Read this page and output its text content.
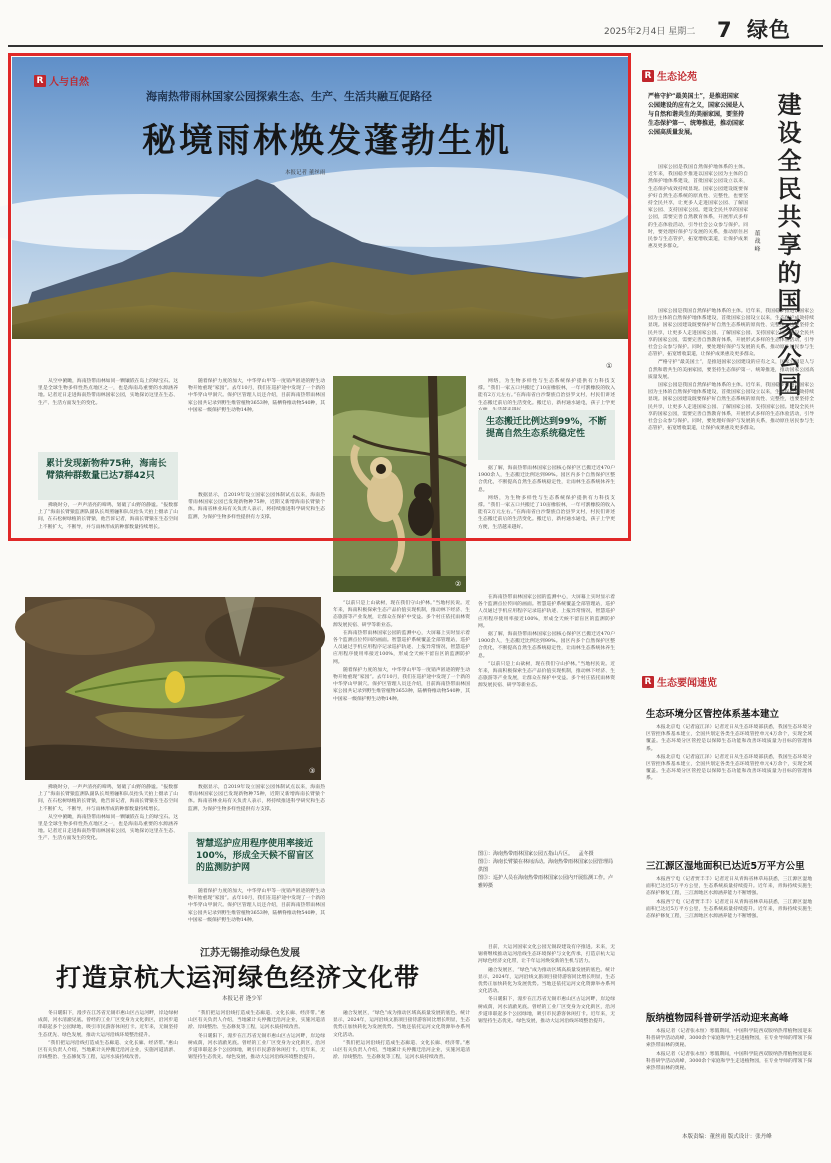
2025年2月4日 星期二 7 绿色
R 人与自然
海南热带雨林国家公园探索生态、生产、生活共融互促路径
秘境雨林焕发蓬勃生机
本报记者 董丝雨
①

从空中俯瞰，海南热带雨林如同一颗镶嵌在岛上的绿宝石。这里是全球生物多样性热点地区之一，也是海南岛重要的水源涵养地。记者近日走进海南热带雨林国家公园，实地探访这里在生态、生产、生活方面发生的变化。

累计发现新物种75种，海南长臂猿种群数量已达7群42只

拂晓时分，一声声清亮的啼鸣，划破了山野的静谧。“报数群上了”海南长臂猿监测队副队长周照骊和队员抬头天拍上摄录了山间，在石松树绿植的长臂猿，他告诉记者，海南长臂猿在生态空间上不断扩大，不断导，并与雨林形成的种群数量持续增长。

随着保护力度的加大，中华穿山甲等一度销声匿迹的野生动物开始重现“家园”。去年10月，我们在巡护途中发现了一个新的中华穿山甲洞穴。保护区管理人员还介绍，目前海南热带雨林国家公园共记录到野生维管植物3653种，陆栖脊椎动物540种，其中国家一级保护野生动物14种。

数据显示，自2019年设立国家公园体制试点以来，海南热带雨林国家公园已发现新物种75种，近期又新增海南长臂猿个体。海南省林业局有关负责人表示，将持续推进科学研究和生态监测，为保护生物多样性提供有力支撑。

②

网络，为生物多样性与生态系统保护提供有力科技支撑。“我们一家五口共搬迁了10亩橡胶林，一年可割橡胶的收入能有2万元左右。”在海南省白沙黎族自治县罗文村，村民们讲述生态搬迁前后的生活变化。搬迁后，新村通水通电，孩子上学更

生态搬迁比例达到99%，不断提高自然生态系统稳定性

据了解，海南热带雨林国家公园核心保护区已搬迁近470户1900余人，生态搬迁比例达到99%。园区内多个自然保护区整合优化，不断提高自然生态系统稳定性，让雨林生态系统休养生息。

网络，为生物多样性与生态系统保护提供有力科技支撑。“我们一家五口共搬迁了10亩橡胶林，一年可割橡胶的收入能有2万元左右。”在海南省白沙黎族自治县罗文村，村民们讲述生态搬迁前后的生活变化。搬迁后，新村通水通电，孩子上学更方便，生活越来越好。

③

拂晓时分，一声声清亮的啼鸣，划破了山野的静谧。“报数群上了”海南长臂猿监测队副队长周照骊和队员抬头天拍上摄录了山间，在石松树绿植的长臂猿，他告诉记者，海南长臂猿在生态空间上不断扩大，不断导，并与雨林形成的种群数量持续增长。

从空中俯瞰，海南热带雨林如同一颗镶嵌在岛上的绿宝石。这里是全球生物多样性热点地区之一，也是海南岛重要的水源涵养地。记者近日走进海南热带雨林国家公园，实地探访这里在生态、生产、生活方面发生的变化。

数据显示，自2019年设立国家公园体制试点以来，海南热带雨林国家公园已发现新物种75种，近期又新增海南长臂猿个体。海南省林业局有关负责人表示，将持续推进科学研究和生态监测，为保护生物多样性提供有力支撑。

智慧巡护应用程序使用率接近100%，形成全天候不留盲区的监测防护网

随着保护力度的加大，中华穿山甲等一度销声匿迹的野生动物开始重现“家园”。去年10月，我们在巡护途中发现了一个新的中华穿山甲洞穴。保护区管理人员还介绍，目前海南热带雨林国家公园共记录到野生维管植物3653种，陆栖脊椎动物540种，其中国家一级保护野生动物14种。

“以前只是上山砍树，现在我们守山护林。”当地村民说。近年来，海南积极探索生态产品价值实现机制，推动林下经济、生态旅游等产业发展，让群众在保护中受益。多个村庄依托雨林资源发展民宿、研学等新业态。

在海南热带雨林国家公园的监测中心，大屏幕上实时显示着各个监测点位传回的画面。智慧巡护系统覆盖全部管理站，巡护人员通过手机应用程序记录巡护轨迹、上报异常情况，智慧巡护应用程序使用率接近100%，形成全天候不留盲区的监测防护网。

随着保护力度的加大，中华穿山甲等一度销声匿迹的野生动物开始重现“家园”。去年10月，我们在巡护途中发现了一个新的中华穿山甲洞穴。保护区管理人员还介绍，目前海南热带雨林国家公园共记录到野生维管植物3653种，陆栖脊椎动物540种，其中国家一级保护野生动物14种。

在海南热带雨林国家公园的监测中心，大屏幕上实时显示着各个监测点位传回的画面。智慧巡护系统覆盖全部管理站，巡护人员通过手机应用程序记录巡护轨迹、上报异常情况，智慧巡护应用程序使用率接近100%，形成全天候不留盲区的监测防护网。

据了解，海南热带雨林国家公园核心保护区已搬迁近470户1900余人，生态搬迁比例达到99%。园区内多个自然保护区整合优化，不断提高自然生态系统稳定性，让雨林生态系统休养生息。

“以前只是上山砍树，现在我们守山护林。”当地村民说。近年来，海南积极探索生态产品价值实现机制，推动林下经济、生态旅游等产业发展，让群众在保护中受益。多个村庄依托雨林资源发展民宿、研学等新业态。

图①：海南热带雨林国家公园五指山片区。 孟冬摄
图②：海南长臂猿在林间活动。海南热带雨林国家公园管理局供图
图③：巡护人员在海南热带雨林国家公园内开展监测工作。卢雅婷摄
R 生态论苑
严格守护“最美国土”，是推进国家公园建设的应有之义，国家公园是人与自然和谐共生的美丽家园，要坚持生态保护第一、统筹推进，推动国家公园高质量发展。	建设全民共享的国家公园
董 战 峰

国家公园是我国自然保护地体系的主体。近年来，我国稳步推进以国家公园为主体的自然保护地体系建设，首批国家公园设立以来，生态保护成效持续显现。国家公园建设既要保护好自然生态系统的原真性、完整性，也要坚持全民共享，让更多人走进国家公园、了解国家公园、支持国家公园。建设全民共享的国家公园，需要完善自然教育体系，开展形式多样的生态体验活动，引导社会公众参与保护。同时，要处理好保护与发展的关系，推动原住居民参与生态管护，拓宽增收渠道，让保护成果惠及更多群众。

国家公园是我国自然保护地体系的主体。近年来，我国稳步推进以国家公园为主体的自然保护地体系建设，首批国家公园设立以来，生态保护成效持续显现。国家公园建设既要保护好自然生态系统的原真性、完整性，也要坚持全民共享，让更多人走进国家公园、了解国家公园、支持国家公园。建设全民共享的国家公园，需要完善自然教育体系，开展形式多样的生态体验活动，引导社会公众参与保护。同时，要处理好保护与发展的关系，推动原住居民参与生态管护，拓宽增收渠道，让保护成果惠及更多群众。

严格守护“最美国土”，是推进国家公园建设的应有之义，国家公园是人与自然和谐共生的美丽家园，要坚持生态保护第一、统筹推进，推动国家公园高质量发展。

国家公园是我国自然保护地体系的主体。近年来，我国稳步推进以国家公园为主体的自然保护地体系建设，首批国家公园设立以来，生态保护成效持续显现。国家公园建设既要保护好自然生态系统的原真性、完整性，也要坚持全民共享，让更多人走进国家公园、了解国家公园、支持国家公园。建设全民共享的国家公园，需要完善自然教育体系，开展形式多样的生态体验活动，引导社会公众参与保护。同时，要处理好保护与发展的关系，推动原住居民参与生态管护，拓宽增收渠道，让保护成果惠及更多群众。

R 生态要闻速览
生态环境分区管控体系基本建立

本报北京电（记者寇江泽）记者近日从生态环境部获悉，我国生态环境分区管控体系基本建立，全国共划定各类生态环境管控单元4万余个，实现全域覆盖。生态环境分区管控是以保障生态功能和改善环境质量为目标的管理体系。

本报北京电（记者寇江泽）记者近日从生态环境部获悉，我国生态环境分区管控体系基本建立，全国共划定各类生态环境管控单元4万余个，实现全域覆盖。生态环境分区管控是以保障生态功能和改善环境质量为目标的管理体系。

三江源区湿地面积已达近5万平方公里

本报西宁电（记者贾丰丰）记者近日从青海省林草局获悉，三江源区湿地面积已达近5万平方公里，生态系统质量持续提升。近年来，青海持续实施生态保护修复工程，三江源地区水源涵养能力不断增强。

本报西宁电（记者贾丰丰）记者近日从青海省林草局获悉，三江源区湿地面积已达近5万平方公里，生态系统质量持续提升。近年来，青海持续实施生态保护修复工程，三江源地区水源涵养能力不断增强。

版纳植物园科普研学活动迎来高峰

本报记者（记者张永恒）寒假期间，中国科学院西双版纳热带植物园迎来科普研学活动高峰，3000余个家庭和学生走进植物园，在专业导师的带领下探索热带雨林的奥秘。

本报记者（记者张永恒）寒假期间，中国科学院西双版纳热带植物园迎来科普研学活动高峰，3000余个家庭和学生走进植物园，在专业导师的带领下探索热带雨林的奥秘。

本版责编：董丝雨 版式设计：张丹峰
江苏无锡推动绿色发展
打造京杭大运河绿色经济文化带
本报记者 逄少军

冬日暖阳下，漫步在江苏省无锡市惠山区古运河畔，岸边绿树成荫，河水清澈见底。曾经的工业厂区变身为文化街区，沿河步道串联起多个公园绿地，吸引市民游客休闲打卡。近年来，无锡坚持生态优先、绿色发展，推动大运河沿线环境整治提升。

“我们把运河沿线打造成生态廊道、文化长廊、经济带。”惠山区有关负责人介绍，当地累计关停搬迁沿河企业，实施河道清淤、岸线整治、生态修复等工程，运河水质持续改善。

“我们把运河沿线打造成生态廊道、文化长廊、经济带。”惠山区有关负责人介绍，当地累计关停搬迁沿河企业，实施河道清淤、岸线整治、生态修复等工程，运河水质持续改善。

冬日暖阳下，漫步在江苏省无锡市惠山区古运河畔，岸边绿树成荫，河水清澈见底。曾经的工业厂区变身为文化街区，沿河步道串联起多个公园绿地，吸引市民游客休闲打卡。近年来，无锡坚持生态优先、绿色发展，推动大运河沿线环境整治提升。

融合发展区，“绿色”成为推动区域高质量发展的底色。统计显示，2024年，运河沿线文旅项目接待游客同比增长明显，生态优势正加快转化为发展优势。当地还依托运河文化资源举办系列文化活动。

“我们把运河沿线打造成生态廊道、文化长廊、经济带。”惠山区有关负责人介绍，当地累计关停搬迁沿河企业，实施河道清淤、岸线整治、生态修复等工程，运河水质持续改善。

目前，大运河国家文化公园无锡段建设有序推进。未来，无锡将继续推动运河沿线生态环境保护与文化传承，打造京杭大运河绿色经济文化带，让千年运河焕发新的生机与活力。

融合发展区，“绿色”成为推动区域高质量发展的底色。统计显示，2024年，运河沿线文旅项目接待游客同比增长明显，生态优势正加快转化为发展优势。当地还依托运河文化资源举办系列文化活动。

冬日暖阳下，漫步在江苏省无锡市惠山区古运河畔，岸边绿树成荫，河水清澈见底。曾经的工业厂区变身为文化街区，沿河步道串联起多个公园绿地，吸引市民游客休闲打卡。近年来，无锡坚持生态优先、绿色发展，推动大运河沿线环境整治提升。
